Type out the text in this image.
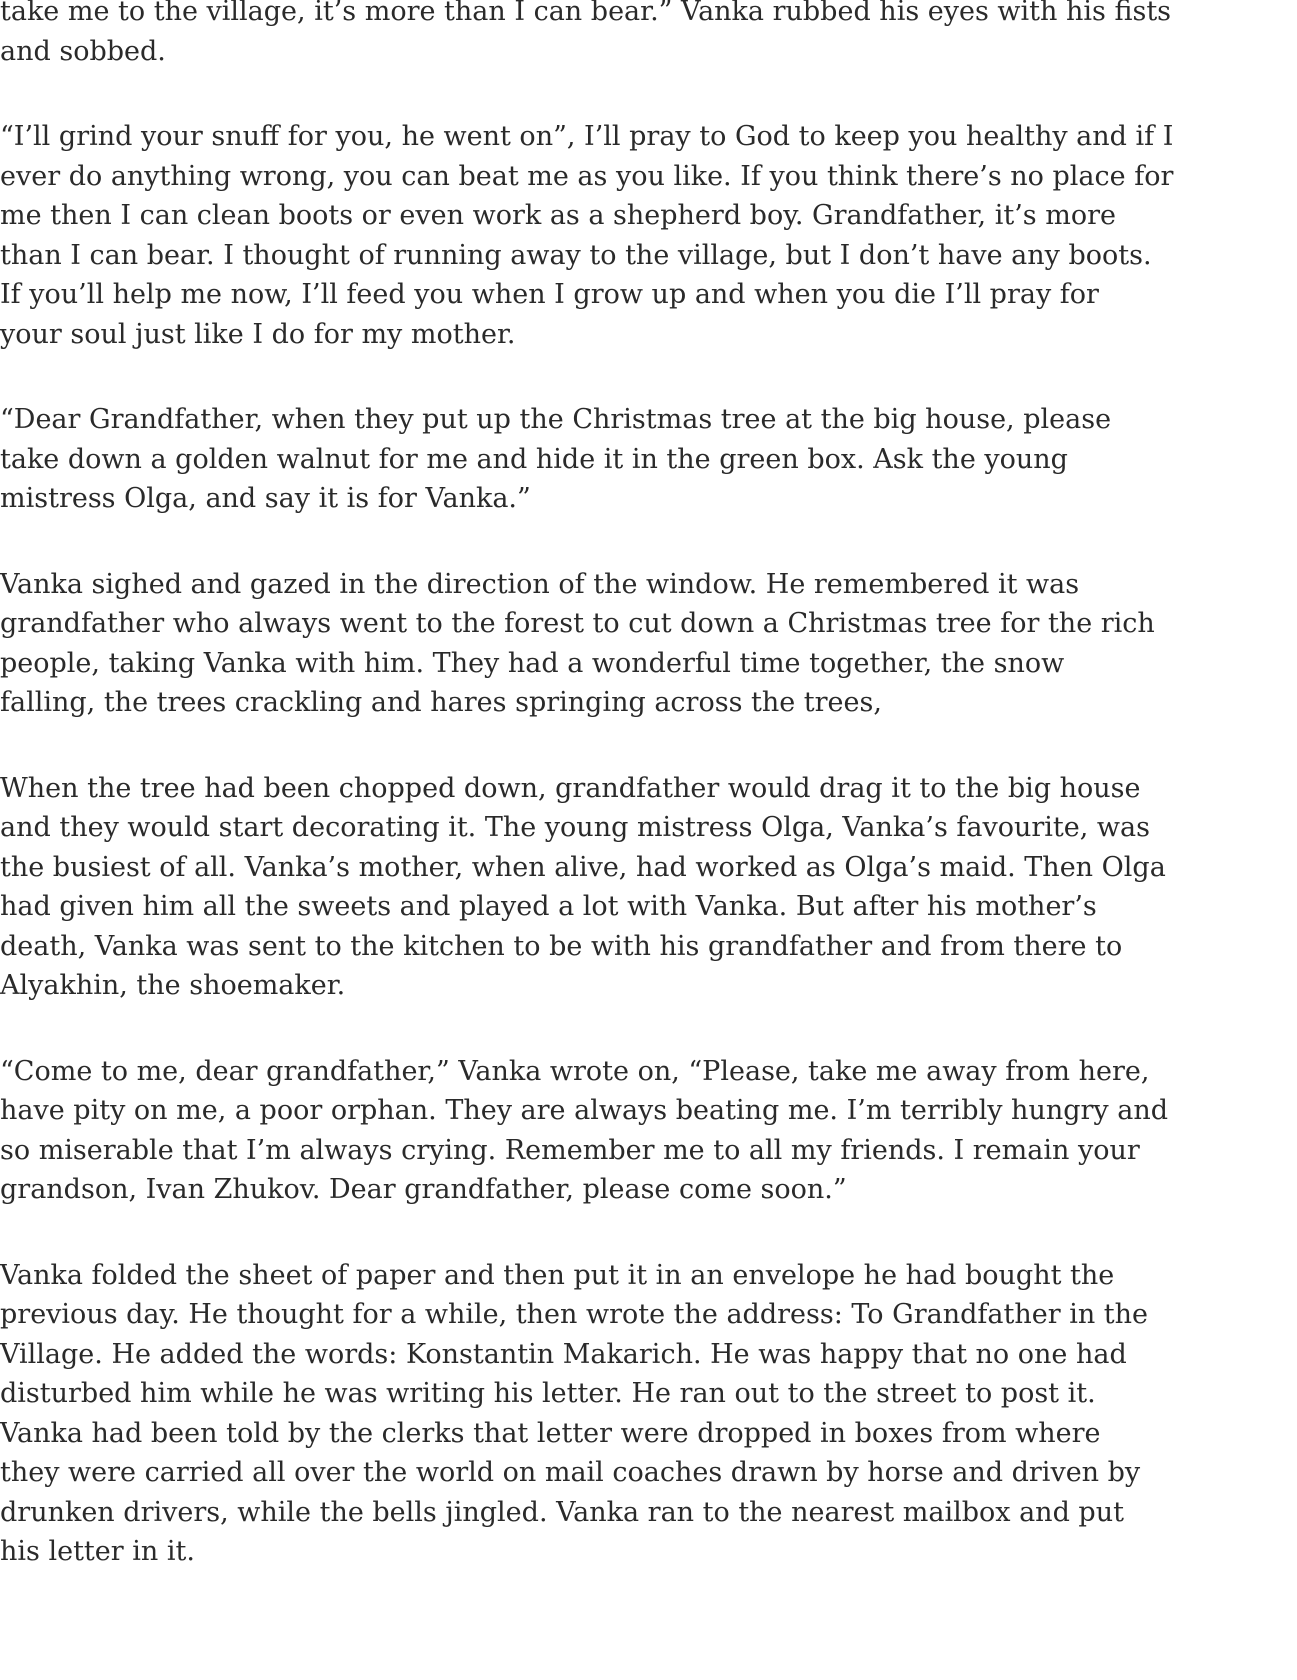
take me to the village, it’s more than I can bear.” Vanka rubbed his eyes with his fists
and sobbed.

“I’ll grind your snuff for you, he went on”, I’ll pray to God to keep you healthy and if I
ever do anything wrong, you can beat me as you like. If you think there’s no place for
me then I can clean boots or even work as a shepherd boy. Grandfather, it’s more
than I can bear. I thought of running away to the village, but I don’t have any boots.
If you’ll help me now, I’ll feed you when I grow up and when you die I’ll pray for
your soul just like I do for my mother.

“Dear Grandfather, when they put up the Christmas tree at the big house, please
take down a golden walnut for me and hide it in the green box. Ask the young
mistress Olga, and say it is for Vanka.”

Vanka sighed and gazed in the direction of the window. He remembered it was
grandfather who always went to the forest to cut down a Christmas tree for the rich
people, taking Vanka with him. They had a wonderful time together, the snow
falling, the trees crackling and hares springing across the trees,

When the tree had been chopped down, grandfather would drag it to the big house
and they would start decorating it. The young mistress Olga, Vanka’s favourite, was
the busiest of all. Vanka’s mother, when alive, had worked as Olga’s maid. Then Olga
had given him all the sweets and played a lot with Vanka. But after his mother’s
death, Vanka was sent to the kitchen to be with his grandfather and from there to
Alyakhin, the shoemaker.

“Come to me, dear grandfather,” Vanka wrote on, “Please, take me away from here,
have pity on me, a poor orphan. They are always beating me. I’m terribly hungry and
so miserable that I’m always crying. Remember me to all my friends. I remain your
grandson, Ivan Zhukov. Dear grandfather, please come soon.”

Vanka folded the sheet of paper and then put it in an envelope he had bought the
previous day. He thought for a while, then wrote the address: To Grandfather in the
Village. He added the words: Konstantin Makarich. He was happy that no one had
disturbed him while he was writing his letter. He ran out to the street to post it.
Vanka had been told by the clerks that letter were dropped in boxes from where
they were carried all over the world on mail coaches drawn by horse and driven by
drunken drivers, while the bells jingled. Vanka ran to the nearest mailbox and put
his letter in it.
